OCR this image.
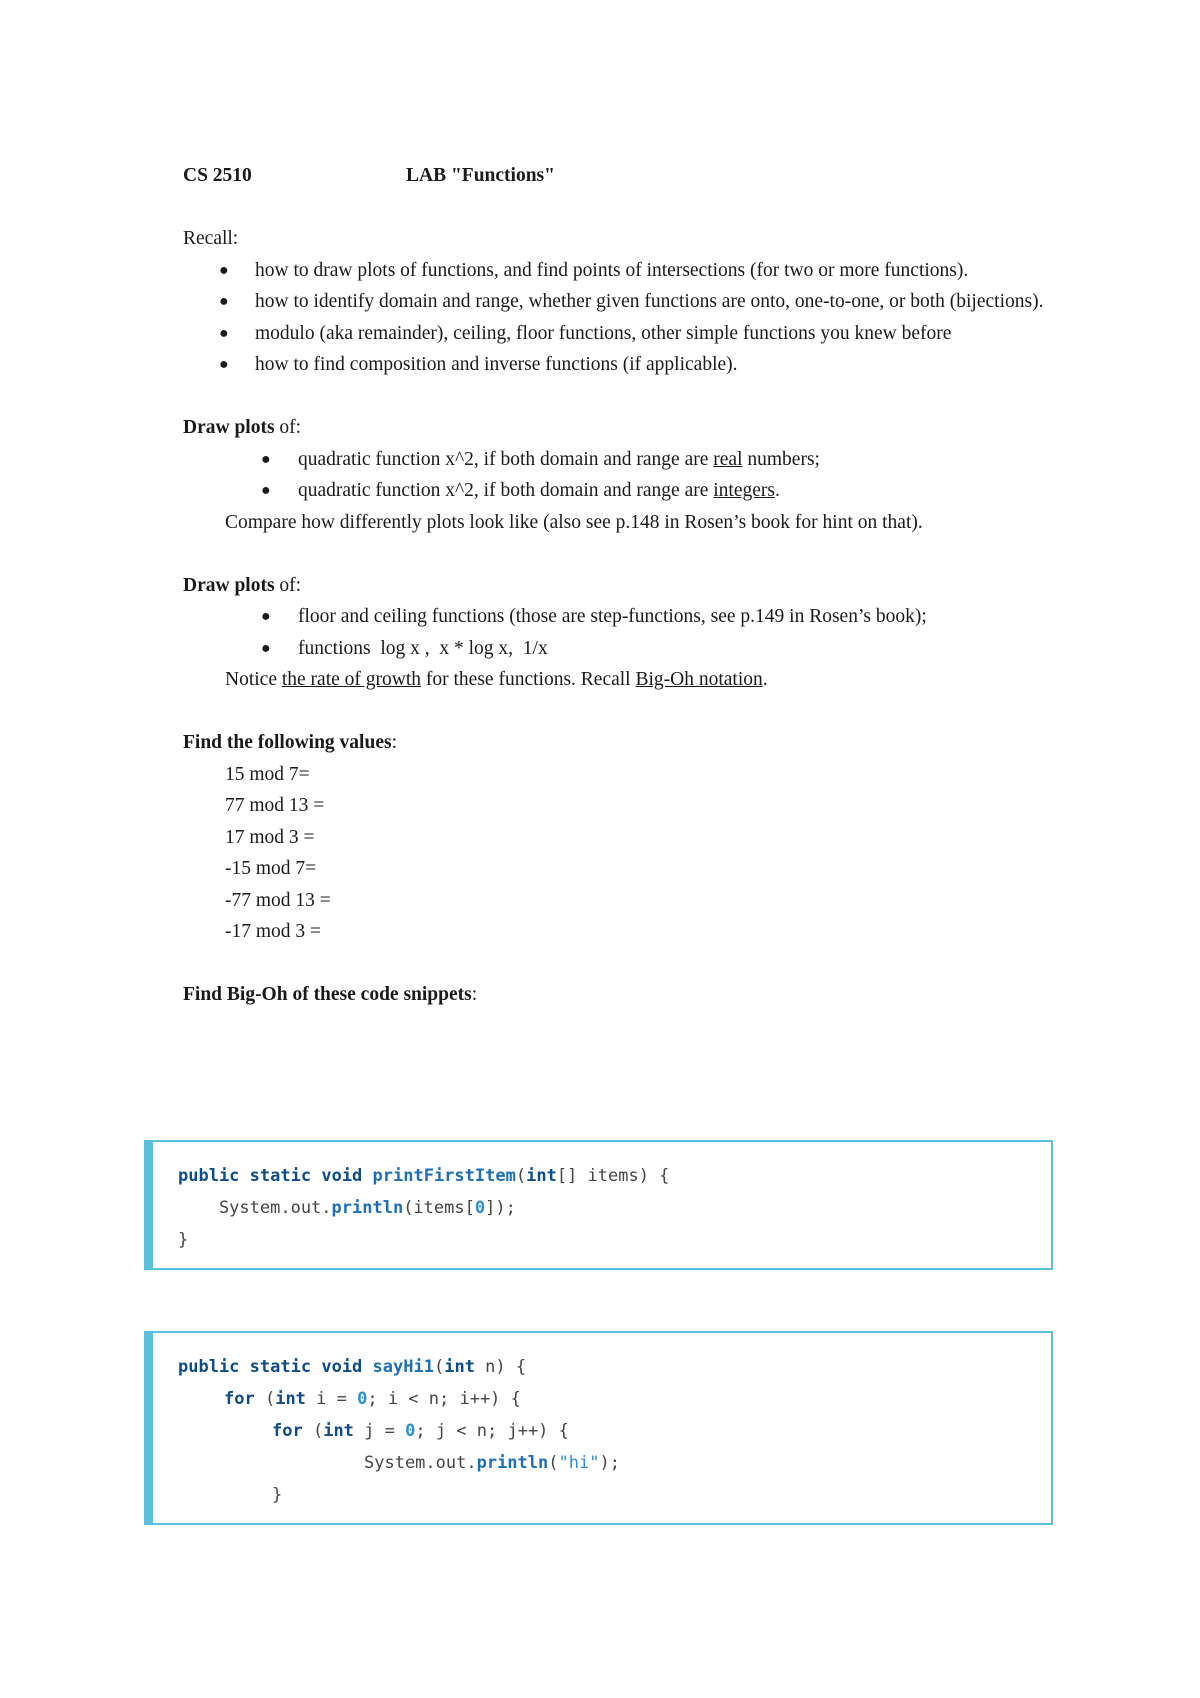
CS 2510	LAB "Functions"
Recall:
● how to draw plots of functions, and find points of intersections (for two or more functions).
● how to identify domain and range, whether given functions are onto, one-to-one, or both (bijections).
● modulo (aka remainder), ceiling, floor functions, other simple functions you knew before
● how to find composition and inverse functions (if applicable).
Draw plots of:
● quadratic function x^2, if both domain and range are real numbers;
● quadratic function x^2, if both domain and range are integers.
Compare how differently plots look like (also see p.148 in Rosen’s book for hint on that).
Draw plots of:
● floor and ceiling functions (those are step-functions, see p.149 in Rosen’s book);
● functions  log x ,  x * log x,  1/x
Notice the rate of growth for these functions. Recall Big-Oh notation.
Find the following values:
15 mod 7=
77 mod 13 =
17 mod 3 =
-15 mod 7=
-77 mod 13 =
-17 mod 3 =
Find Big-Oh of these code snippets:
public static void printFirstItem(int[] items) {
System.out.println(items[0]);
}
public static void sayHi1(int n) {
for (int i = 0; i < n; i++) {
for (int j = 0; j < n; j++) {
System.out.println("hi");
}
